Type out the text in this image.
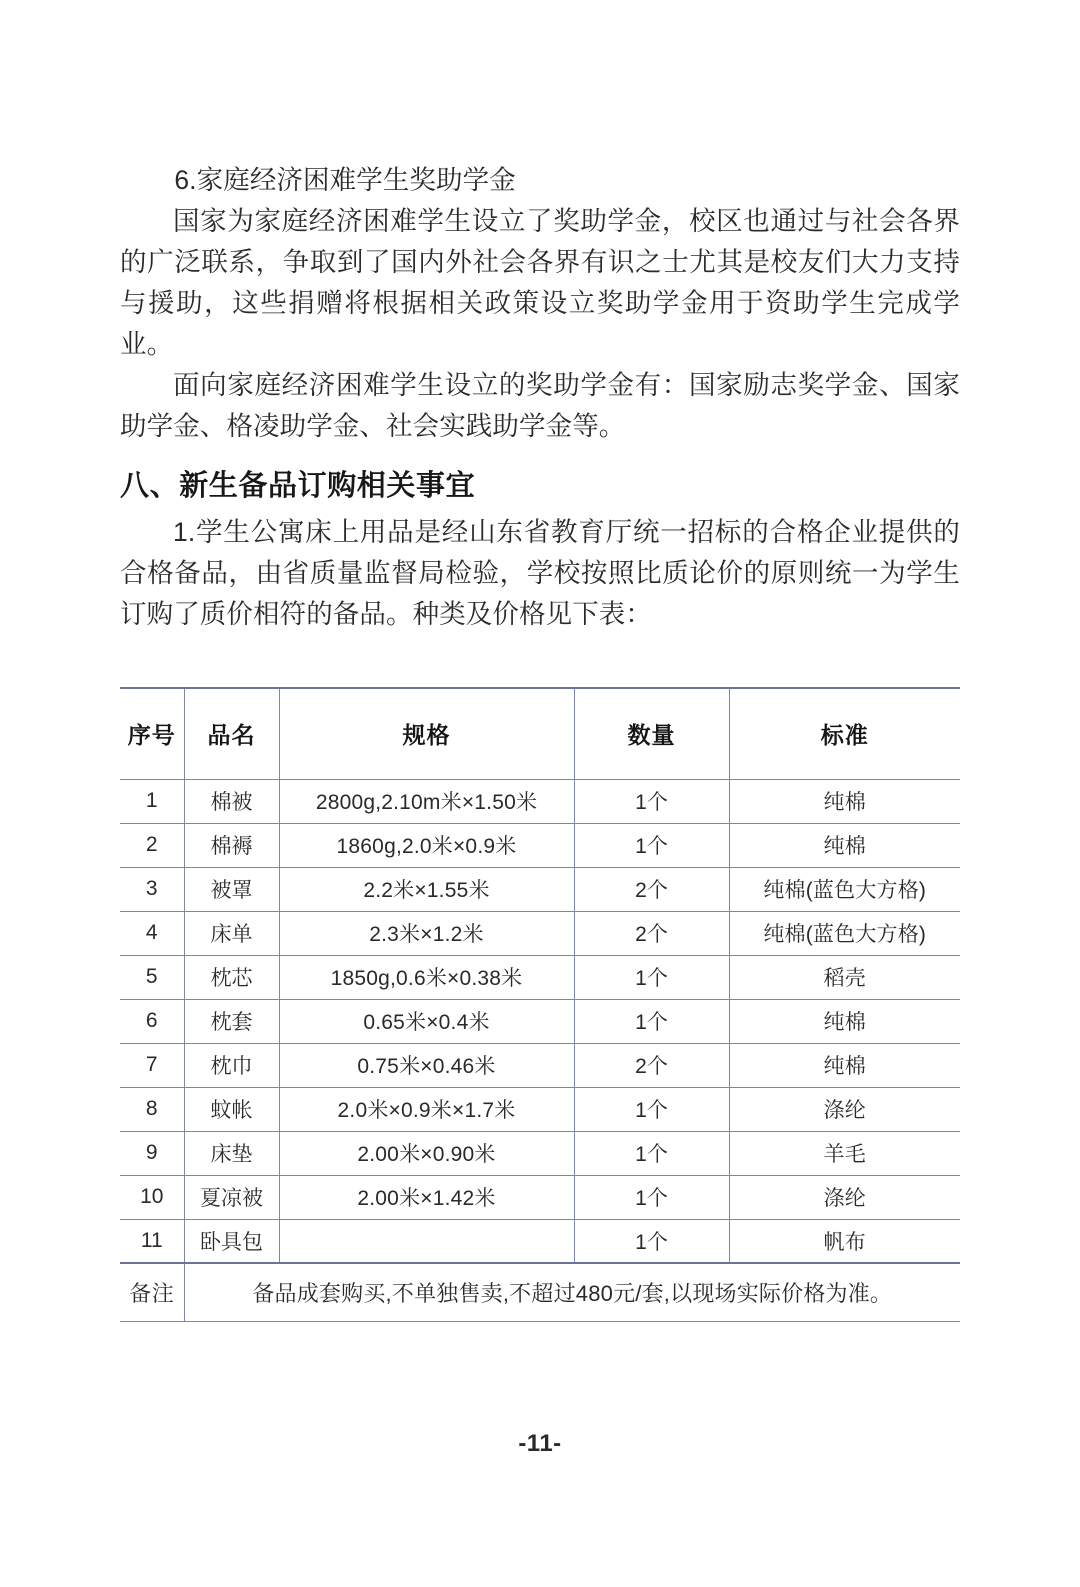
6.家庭经济困难学生奖助学金

国家为家庭经济困难学生设立了奖助学金，校区也通过与社会各界的广泛联系，争取到了国内外社会各界有识之士尤其是校友们大力支持与援助，这些捐赠将根据相关政策设立奖助学金用于资助学生完成学业。

面向家庭经济困难学生设立的奖助学金有：国家励志奖学金、国家助学金、格凌助学金、社会实践助学金等。

八、新生备品订购相关事宜

1.学生公寓床上用品是经山东省教育厅统一招标的合格企业提供的合格备品，由省质量监督局检验，学校按照比质论价的原则统一为学生订购了质价相符的备品。种类及价格见下表：

序号	品名	规格	数量	标准
1	棉被	2800g,2.10m米×1.50米	1个	纯棉
2	棉褥	1860g,2.0米×0.9米	1个	纯棉
3	被罩	2.2米×1.55米	2个	纯棉(蓝色大方格)
4	床单	2.3米×1.2米	2个	纯棉(蓝色大方格)
5	枕芯	1850g,0.6米×0.38米	1个	稻壳
6	枕套	0.65米×0.4米	1个	纯棉
7	枕巾	0.75米×0.46米	2个	纯棉
8	蚊帐	2.0米×0.9米×1.7米	1个	涤纶
9	床垫	2.00米×0.90米	1个	羊毛
10	夏凉被	2.00米×1.42米	1个	涤纶
11	卧具包		1个	帆布
备注	备品成套购买,不单独售卖,不超过480元/套,以现场实际价格为准。			
-11-
